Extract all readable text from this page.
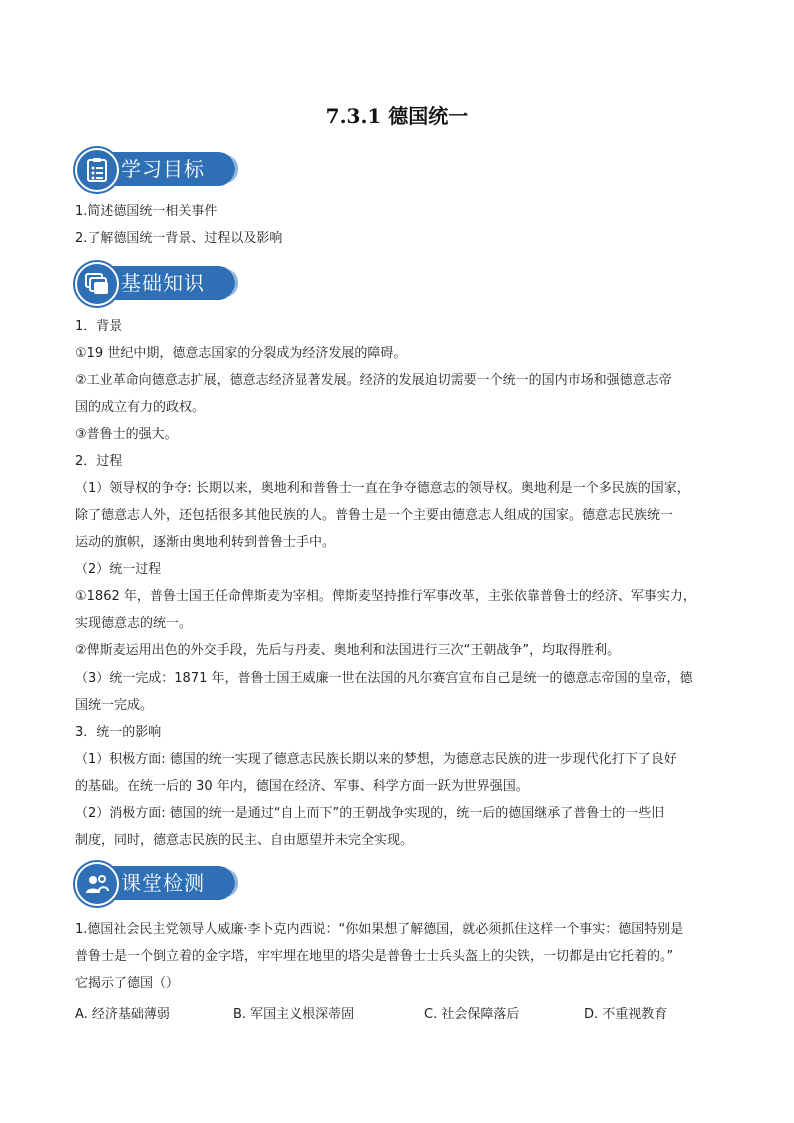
7.3.1 德国统一
学习目标
1.简述德国统一相关事件
2.了解德国统一背景、过程以及影响
基础知识
1．背景
①19 世纪中期，德意志国家的分裂成为经济发展的障碍。
②工业革命向德意志扩展，德意志经济显著发展。经济的发展迫切需要一个统一的国内市场和强德意志帝
国的成立有力的政权。
③普鲁士的强大。
2．过程
（1）领导权的争夺: 长期以来，奥地利和普鲁士一直在争夺德意志的领导权。奥地利是一个多民族的国家，
除了德意志人外，还包括很多其他民族的人。普鲁士是一个主要由德意志人组成的国家。德意志民族统一
运动的旗帜，逐渐由奥地利转到普鲁士手中。
（2）统一过程
①1862 年，普鲁士国王任命俾斯麦为宰相。俾斯麦坚持推行军事改革，主张依靠普鲁士的经济、军事实力，
实现德意志的统一。
②俾斯麦运用出色的外交手段，先后与丹麦、奥地利和法国进行三次“王朝战争”，均取得胜利。
（3）统一完成：1871 年，普鲁士国王威廉一世在法国的凡尔赛宫宣布自己是统一的德意志帝国的皇帝，德
国统一完成。
3．统一的影响
（1）积极方面: 德国的统一实现了德意志民族长期以来的梦想，为德意志民族的进一步现代化打下了良好
的基础。在统一后的 30 年内，德国在经济、军事、科学方面一跃为世界强国。
（2）消极方面: 德国的统一是通过“自上而下”的王朝战争实现的，统一后的德国继承了普鲁士的一些旧
制度，同时，德意志民族的民主、自由愿望并未完全实现。
课堂检测
1.德国社会民主党领导人威廉·李卜克内西说：“你如果想了解德国，就必须抓住这样一个事实：德国特别是
普鲁士是一个倒立着的金字塔，牢牢埋在地里的塔尖是普鲁士士兵头盔上的尖铁，一切都是由它托着的。”
它揭示了德国（）
A. 经济基础薄弱	B. 军国主义根深蒂固	C. 社会保障落后	D. 不重视教育
